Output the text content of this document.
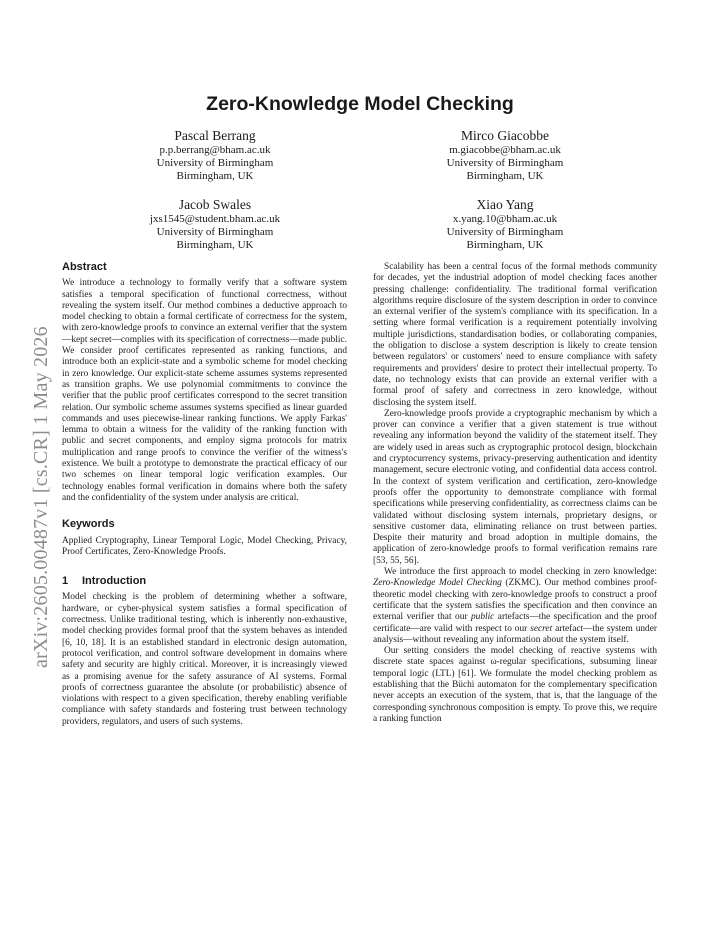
arXiv:2605.00487v1 [cs.CR] 1 May 2026
Zero-Knowledge Model Checking
Pascal Berrang
p.p.berrang@bham.ac.uk
University of Birmingham
Birmingham, UK
Mirco Giacobbe
m.giacobbe@bham.ac.uk
University of Birmingham
Birmingham, UK
Jacob Swales
jxs1545@student.bham.ac.uk
University of Birmingham
Birmingham, UK
Xiao Yang
x.yang.10@bham.ac.uk
University of Birmingham
Birmingham, UK
Abstract

We introduce a technology to formally verify that a software system satisfies a temporal specification of functional correctness, without revealing the system itself. Our method combines a deductive approach to model checking to obtain a formal certificate of correctness for the system, with zero-knowledge proofs to convince an external verifier that the system—kept secret—complies with its specification of correctness—made public. We consider proof certificates represented as ranking functions, and introduce both an explicit-state and a symbolic scheme for model checking in zero knowledge. Our explicit-state scheme assumes systems represented as transition graphs. We use polynomial commitments to convince the verifier that the public proof certificates correspond to the secret transition relation. Our symbolic scheme assumes systems specified as linear guarded commands and uses piecewise-linear ranking functions. We apply Farkas' lemma to obtain a witness for the validity of the ranking function with public and secret components, and employ sigma protocols for matrix multiplication and range proofs to convince the verifier of the witness's existence. We built a prototype to demonstrate the practical efficacy of our two schemes on linear temporal logic verification examples. Our technology enables formal verification in domains where both the safety and the confidentiality of the system under analysis are critical.

Keywords

Applied Cryptography, Linear Temporal Logic, Model Checking, Privacy, Proof Certificates, Zero-Knowledge Proofs.

1 Introduction

Model checking is the problem of determining whether a software, hardware, or cyber-physical system satisfies a formal specification of correctness. Unlike traditional testing, which is inherently non-exhaustive, model checking provides formal proof that the system behaves as intended [6, 10, 18]. It is an established standard in electronic design automation, protocol verification, and control software development in domains where safety and security are highly critical. Moreover, it is increasingly viewed as a promising avenue for the safety assurance of AI systems. Formal proofs of correctness guarantee the absolute (or probabilistic) absence of violations with respect to a given specification, thereby enabling verifiable compliance with safety standards and fostering trust between technology providers, regulators, and users of such systems.

Scalability has been a central focus of the formal methods community for decades, yet the industrial adoption of model checking faces another pressing challenge: confidentiality. The traditional formal verification algorithms require disclosure of the system description in order to convince an external verifier of the system's compliance with its specification. In a setting where formal verification is a requirement potentially involving multiple jurisdictions, standardisation bodies, or collaborating companies, the obligation to disclose a system description is likely to create tension between regulators' or customers' need to ensure compliance with safety requirements and providers' desire to protect their intellectual property. To date, no technology exists that can provide an external verifier with a formal proof of safety and correctness in zero knowledge, without disclosing the system itself.

Zero-knowledge proofs provide a cryptographic mechanism by which a prover can convince a verifier that a given statement is true without revealing any information beyond the validity of the statement itself. They are widely used in areas such as cryptographic protocol design, blockchain and cryptocurrency systems, privacy-preserving authentication and identity management, secure electronic voting, and confidential data access control. In the context of system verification and certification, zero-knowledge proofs offer the opportunity to demonstrate compliance with formal specifications while preserving confidentiality, as correctness claims can be validated without disclosing system internals, proprietary designs, or sensitive customer data, eliminating reliance on trust between parties. Despite their maturity and broad adoption in multiple domains, the application of zero-knowledge proofs to formal verification remains rare [53, 55, 56].

We introduce the first approach to model checking in zero knowledge: Zero-Knowledge Model Checking (ZKMC). Our method combines proof-theoretic model checking with zero-knowledge proofs to construct a proof certificate that the system satisfies the specification and then convince an external verifier that our public artefacts—the specification and the proof certificate—are valid with respect to our secret artefact—the system under analysis—without revealing any information about the system itself.

Our setting considers the model checking of reactive systems with discrete state spaces against ω-regular specifications, subsuming linear temporal logic (LTL) [61]. We formulate the model checking problem as establishing that the Büchi automaton for the complementary specification never accepts an execution of the system, that is, that the language of the corresponding synchronous composition is empty. To prove this, we require a ranking function
